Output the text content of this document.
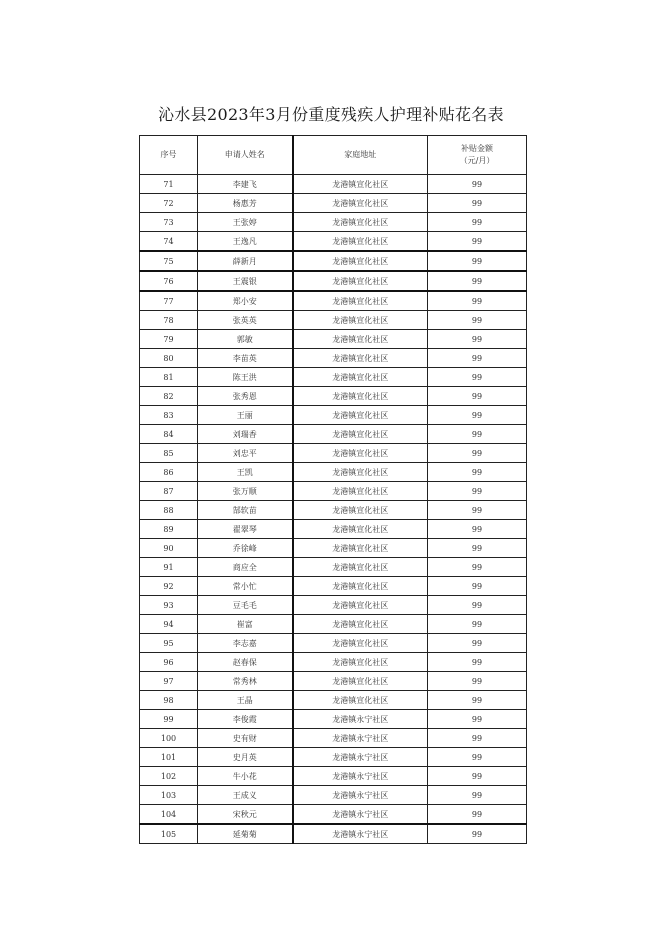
沁水县2023年3月份重度残疾人护理补贴花名表
序号	申请人姓名	家庭地址	补贴金额
（元/月）

71	李建飞	龙港镇宣化社区	99
72	杨惠芳	龙港镇宣化社区	99
73	王张婷	龙港镇宣化社区	99
74	王逸凡	龙港镇宣化社区	99
75	薛新月	龙港镇宣化社区	99
76	王震银	龙港镇宣化社区	99
77	郑小安	龙港镇宣化社区	99
78	张英英	龙港镇宣化社区	99
79	郭敏	龙港镇宣化社区	99
80	李苗英	龙港镇宣化社区	99
81	陈王洪	龙港镇宣化社区	99
82	张秀恩	龙港镇宣化社区	99
83	王丽	龙港镇宣化社区	99
84	刘瑞香	龙港镇宣化社区	99
85	刘忠平	龙港镇宣化社区	99
86	王凯	龙港镇宣化社区	99
87	张万顺	龙港镇宣化社区	99
88	郜软苗	龙港镇宣化社区	99
89	翟翠琴	龙港镇宣化社区	99
90	乔徐峰	龙港镇宣化社区	99
91	商应全	龙港镇宣化社区	99
92	常小忙	龙港镇宣化社区	99
93	豆毛毛	龙港镇宣化社区	99
94	崔富	龙港镇宣化社区	99
95	李志嘉	龙港镇宣化社区	99
96	赵春保	龙港镇宣化社区	99
97	常秀林	龙港镇宣化社区	99
98	王晶	龙港镇宣化社区	99
99	李俊霞	龙港镇永宁社区	99
100	史有财	龙港镇永宁社区	99
101	史月英	龙港镇永宁社区	99
102	牛小花	龙港镇永宁社区	99
103	王成义	龙港镇永宁社区	99
104	宋秋元	龙港镇永宁社区	99
105	延菊菊	龙港镇永宁社区	99
